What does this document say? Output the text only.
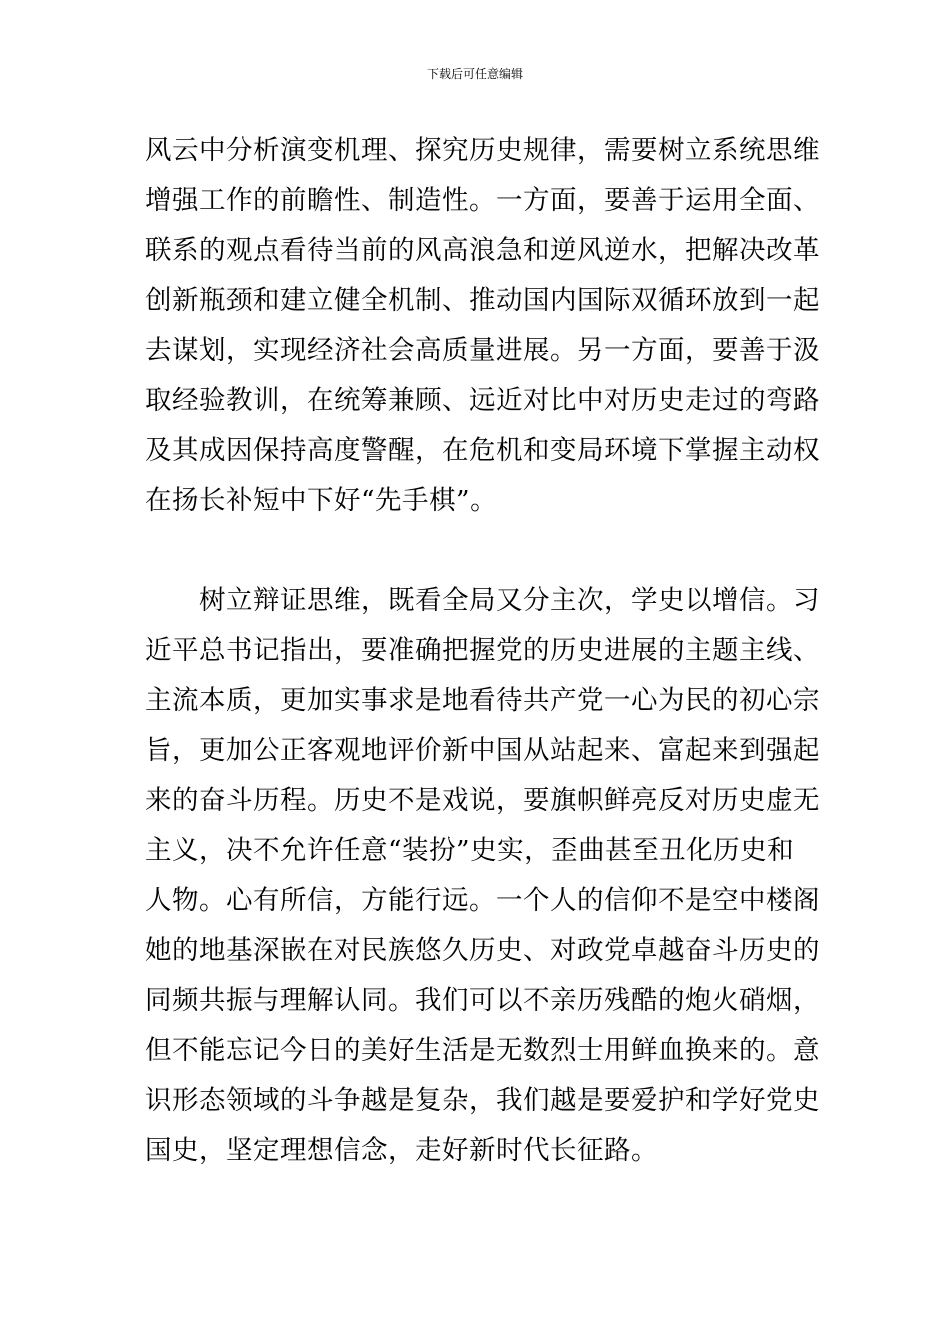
下载后可任意编辑
风云中分析演变机理、探究历史规律，需要树立系统思维
增强工作的前瞻性、制造性。一方面，要善于运用全面、
联系的观点看待当前的风高浪急和逆风逆水，把解决改革
创新瓶颈和建立健全机制、推动国内国际双循环放到一起
去谋划，实现经济社会高质量进展。另一方面，要善于汲
取经验教训，在统筹兼顾、远近对比中对历史走过的弯路
及其成因保持高度警醒，在危机和变局环境下掌握主动权
在扬长补短中下好“先手棋”。
　　树立辩证思维，既看全局又分主次，学史以增信。习
近平总书记指出，要准确把握党的历史进展的主题主线、
主流本质，更加实事求是地看待共产党一心为民的初心宗
旨，更加公正客观地评价新中国从站起来、富起来到强起
来的奋斗历程。历史不是戏说，要旗帜鲜亮反对历史虚无
主义，决不允许任意“装扮”史实，歪曲甚至丑化历史和
人物。心有所信，方能行远。一个人的信仰不是空中楼阁
她的地基深嵌在对民族悠久历史、对政党卓越奋斗历史的
同频共振与理解认同。我们可以不亲历残酷的炮火硝烟，
但不能忘记今日的美好生活是无数烈士用鲜血换来的。意
识形态领域的斗争越是复杂，我们越是要爱护和学好党史
国史，坚定理想信念，走好新时代长征路。
